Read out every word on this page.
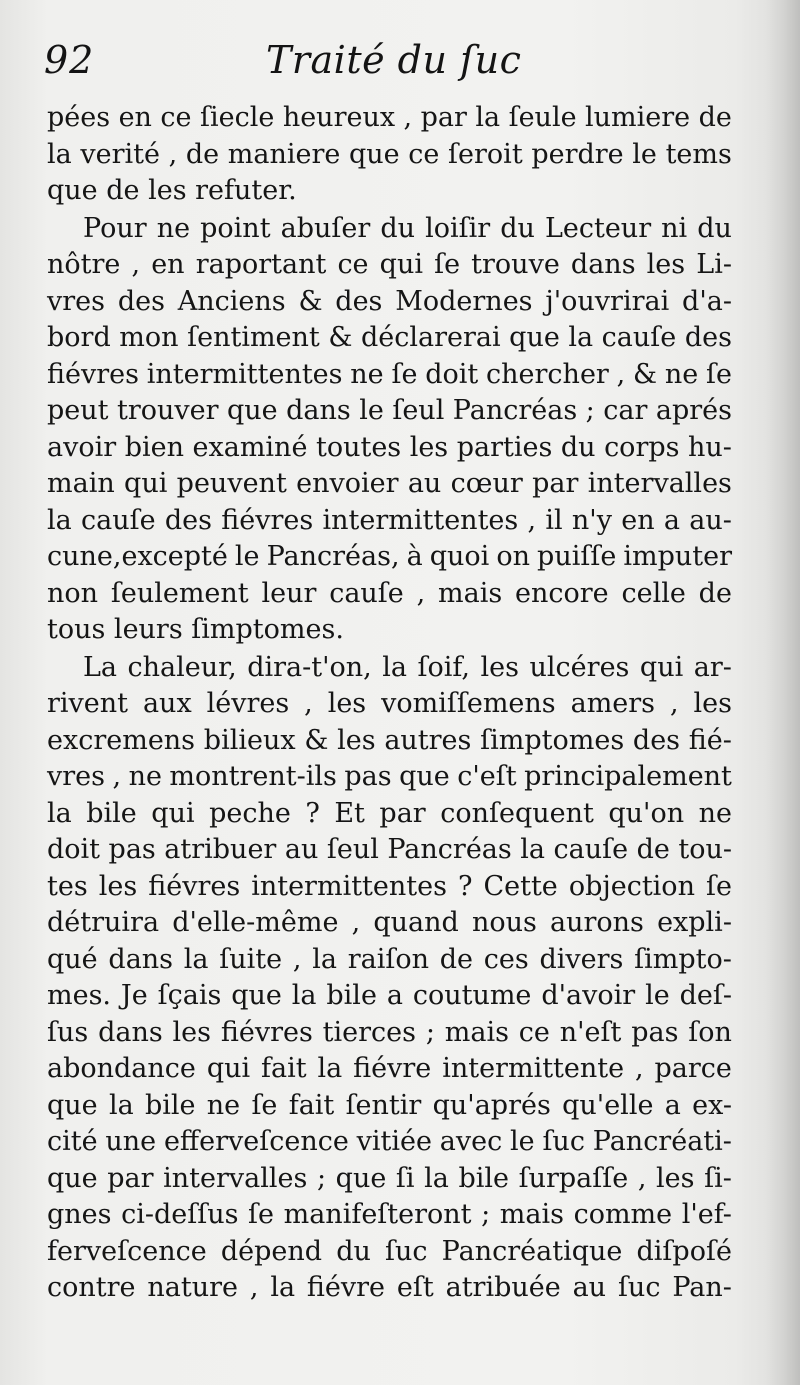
92	Traité du ſuc
pées en ce ſiecle heureux , par la ſeule lumiere de
la verité , de maniere que ce ſeroit perdre le tems
que de les refuter.
Pour ne point abuſer du loiſir du Lecteur ni du
nôtre , en raportant ce qui ſe trouve dans les Li-
vres des Anciens & des Modernes j'ouvrirai d'a-
bord mon ſentiment & déclarerai que la cauſe des
fiévres intermittentes ne ſe doit chercher , & ne ſe
peut trouver que dans le ſeul Pancréas ; car aprés
avoir bien examiné toutes les parties du corps hu-
main qui peuvent envoier au cœur par intervalles
la cauſe des fiévres intermittentes , il n'y en a au-
cune,excepté le Pancréas, à quoi on puiſſe imputer
non ſeulement leur cauſe , mais encore celle de
tous leurs ſimptomes.
La chaleur, dira-t'on, la ſoif, les ulcéres qui ar-
rivent aux lévres , les vomiſſemens amers , les
excremens bilieux & les autres ſimptomes des fié-
vres , ne montrent-ils pas que c'eſt principalement
la bile qui peche ? Et par conſequent qu'on ne
doit pas atribuer au ſeul Pancréas la cauſe de tou-
tes les fiévres intermittentes ? Cette objection ſe
détruira d'elle-même , quand nous aurons expli-
qué dans la ſuite , la raiſon de ces divers ſimpto-
mes. Je ſçais que la bile a coutume d'avoir le deſ-
ſus dans les fiévres tierces ; mais ce n'eſt pas ſon
abondance qui fait la fiévre intermittente , parce
que la bile ne ſe fait ſentir qu'aprés qu'elle a ex-
cité une efferveſcence vitiée avec le ſuc Pancréati-
que par intervalles ; que ſi la bile ſurpaſſe , les ſi-
gnes ci-deſſus ſe manifeſteront ; mais comme l'ef-
ferveſcence dépend du ſuc Pancréatique diſpoſé
contre nature , la fiévre eſt atribuée au ſuc Pan-
